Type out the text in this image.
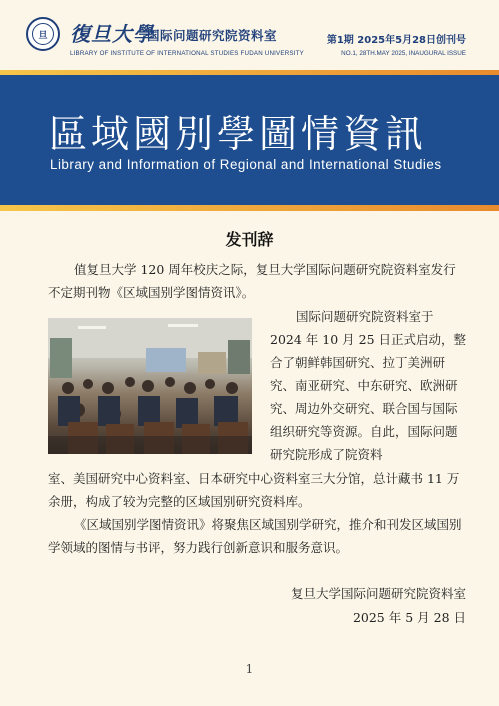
旦	復旦大學
国际问题研究院资料室
LIBRARY OF INSTITUTE OF INTERNATIONAL STUDIES FUDAN UNIVERSITY
第1期 2025年5月28日创刊号
NO.1, 28TH.MAY 2025, INAUGURAL ISSUE
區域國別學圖情資訊
Library and Information of Regional and International Studies
发刊辞

值复旦大学 120 周年校庆之际，复旦大学国际问题研究院资料室发行不定期刊物《区域国别学图情资讯》。

国际问题研究院资料室于 2024 年 10 月 25 日正式启动，整合了朝鲜韩国研究、拉丁美洲研究、南亚研究、中东研究、欧洲研究、周边外交研究、联合国与国际组织研究等资源。自此，国际问题研究院形成了院资料

室、美国研究中心资料室、日本研究中心资料室三大分馆，总计藏书 11 万余册，构成了较为完整的区域国别研究资料库。

《区域国别学图情资讯》将聚焦区域国别学研究，推介和刊发区域国别学领域的图情与书评，努力践行创新意识和服务意识。

复旦大学国际问题研究院资料室
2025 年 5 月 28 日
1
